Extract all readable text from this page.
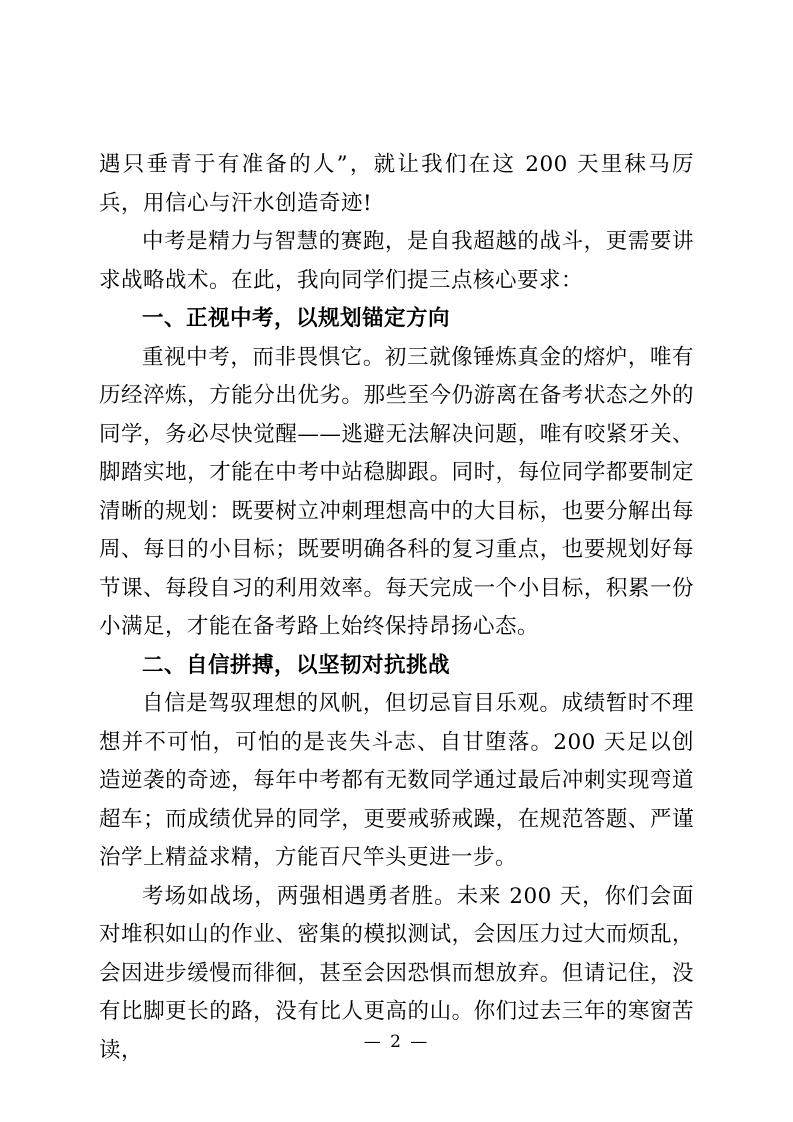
遇只垂青于有准备的人”，就让我们在这 200 天里秣马厉兵，用信心与汗水创造奇迹!

中考是精力与智慧的赛跑，是自我超越的战斗，更需要讲求战略战术。在此，我向同学们提三点核心要求：

一、正视中考，以规划锚定方向

重视中考，而非畏惧它。初三就像锤炼真金的熔炉，唯有历经淬炼，方能分出优劣。那些至今仍游离在备考状态之外的同学，务必尽快觉醒——逃避无法解决问题，唯有咬紧牙关、脚踏实地，才能在中考中站稳脚跟。同时，每位同学都要制定清晰的规划：既要树立冲刺理想高中的大目标，也要分解出每周、每日的小目标；既要明确各科的复习重点，也要规划好每节课、每段自习的利用效率。每天完成一个小目标，积累一份小满足，才能在备考路上始终保持昂扬心态。

二、自信拼搏，以坚韧对抗挑战

自信是驾驭理想的风帆，但切忌盲目乐观。成绩暂时不理想并不可怕，可怕的是丧失斗志、自甘堕落。200 天足以创造逆袭的奇迹，每年中考都有无数同学通过最后冲刺实现弯道超车；而成绩优异的同学，更要戒骄戒躁，在规范答题、严谨治学上精益求精，方能百尺竿头更进一步。

考场如战场，两强相遇勇者胜。未来 200 天，你们会面对堆积如山的作业、密集的模拟测试，会因压力过大而烦乱，会因进步缓慢而徘徊，甚至会因恐惧而想放弃。但请记住，没有比脚更长的路，没有比人更高的山。你们过去三年的寒窗苦读，	— 2 —
